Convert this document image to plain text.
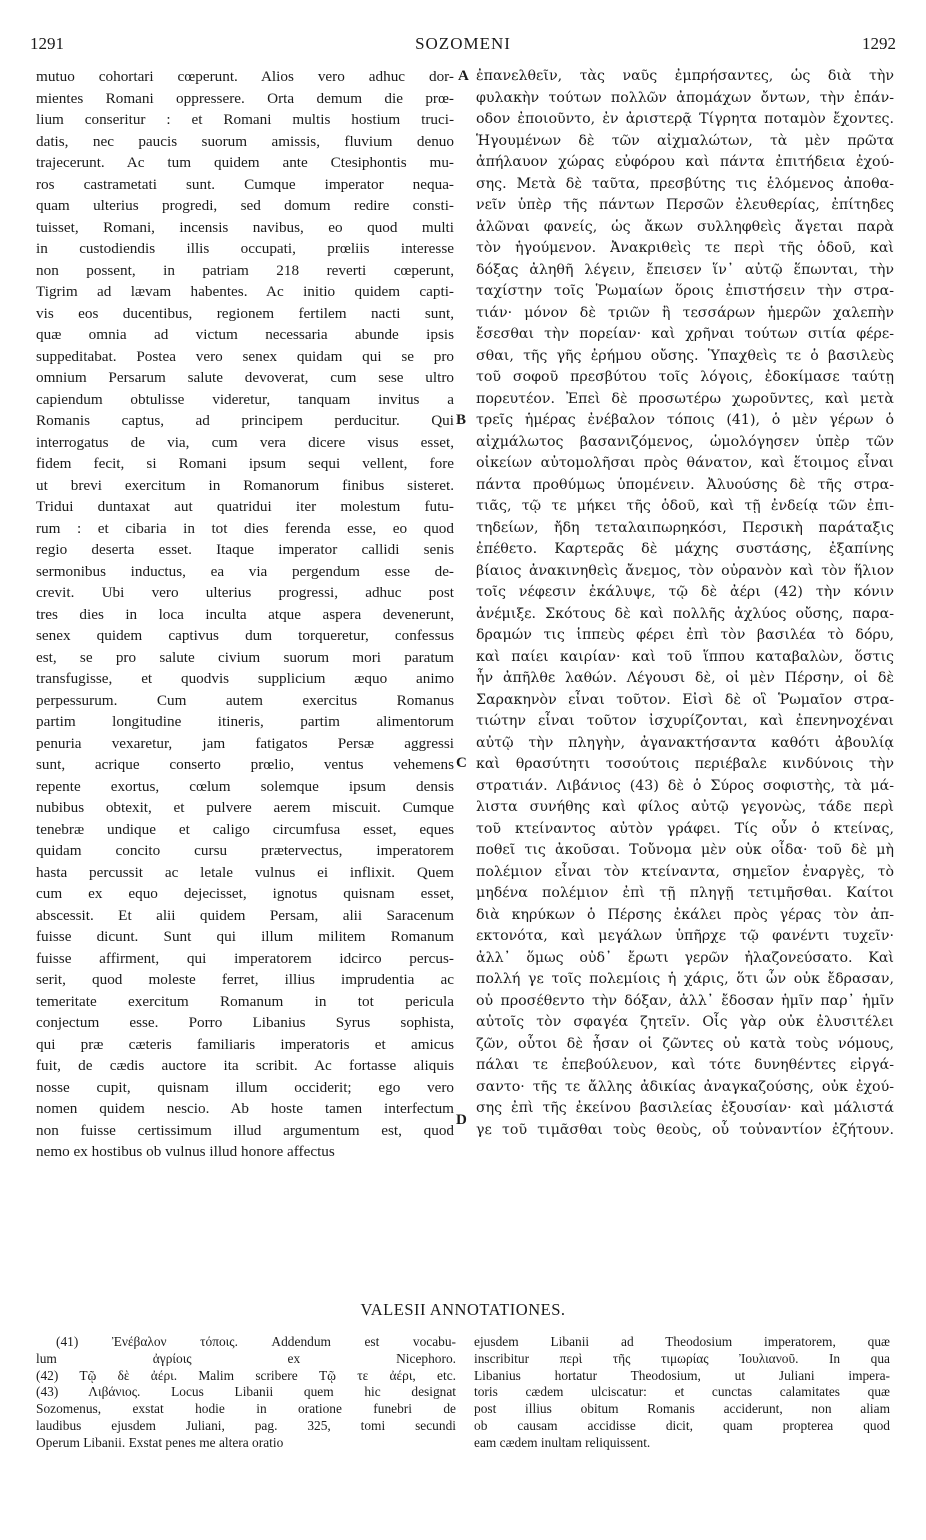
1291	SOZOMENI	1292
mutuo cohortari cœperunt. Alios vero adhuc dor-
mientes Romani oppressere. Orta demum die prœ-
lium conseritur : et Romani multis hostium truci-
datis, nec paucis suorum amissis, fluvium denuo
trajecerunt. Ac tum quidem ante Ctesiphontis mu-
ros castrametati sunt. Cumque imperator nequa-
quam ulterius progredi, sed domum redire consti-
tuisset, Romani, incensis navibus, eo quod multi
in custodiendis illis occupati, prœliis interesse
non possent, in patriam 218 reverti cœperunt,
Tigrim ad lævam habentes. Ac initio quidem capti-
vis eos ducentibus, regionem fertilem nacti sunt,
quæ omnia ad victum necessaria abunde ipsis
suppeditabat. Postea vero senex quidam qui se pro
omnium Persarum salute devoverat, cum sese ultro
capiendum obtulisse videretur, tanquam invitus a
Romanis captus, ad principem perducitur. Qui
interrogatus de via, cum vera dicere visus esset,
fidem fecit, si Romani ipsum sequi vellent, fore
ut brevi exercitum in Romanorum finibus sisteret.
Tridui duntaxat aut quatridui iter molestum futu-
rum : et cibaria in tot dies ferenda esse, eo quod
regio deserta esset. Itaque imperator callidi senis
sermonibus inductus, ea via pergendum esse de-
crevit. Ubi vero ulterius progressi, adhuc post
tres dies in loca inculta atque aspera devenerunt,
senex quidem captivus dum torqueretur, confessus
est, se pro salute civium suorum mori paratum
transfugisse, et quodvis supplicium æquo animo
perpessurum. Cum autem exercitus Romanus
partim longitudine itineris, partim alimentorum
penuria vexaretur, jam fatigatos Persæ aggressi
sunt, acrique conserto prœlio, ventus vehemens
repente exortus, cœlum solemque ipsum densis
nubibus obtexit, et pulvere aerem miscuit. Cumque
tenebræ undique et caligo circumfusa esset, eques
quidam concito cursu prætervectus, imperatorem
hasta percussit ac letale vulnus ei inflixit. Quem
cum ex equo dejecisset, ignotus quisnam esset,
abscessit. Et alii quidem Persam, alii Saracenum
fuisse dicunt. Sunt qui illum militem Romanum
fuisse affirment, qui imperatorem idcirco percus-
serit, quod moleste ferret, illius imprudentia ac
temeritate exercitum Romanum in tot pericula
conjectum esse. Porro Libanius Syrus sophista,
qui præ cæteris familiaris imperatoris et amicus
fuit, de cædis auctore ita scribit. Ac fortasse aliquis
nosse cupit, quisnam illum occiderit; ego vero
nomen quidem nescio. Ab hoste tamen interfectum
non fuisse certissimum illud argumentum est, quod
nemo ex hostibus ob vulnus illud honore affectus
ἐπανελθεῖν, τὰς ναῦς ἐμπρήσαντες, ὡς διὰ τὴν
φυλακὴν τούτων πολλῶν ἀπομάχων ὄντων, τὴν ἐπάν-
οδον ἐποιοῦντο, ἐν ἀριστερᾷ Τίγρητα ποταμὸν ἔχοντες.
Ἡγουμένων δὲ τῶν αἰχμαλώτων, τὰ μὲν πρῶτα
ἀπήλαυον χώρας εὐφόρου καὶ πάντα ἐπιτήδεια ἐχού-
σης. Μετὰ δὲ ταῦτα, πρεσβύτης τις ἑλόμενος ἀποθα-
νεῖν ὑπὲρ τῆς πάντων Περσῶν ἐλευθερίας, ἐπίτηδες
ἁλῶναι φανείς, ὡς ἄκων συλληφθεὶς ἄγεται παρὰ
τὸν ἡγούμενον. Ἀνακριθεὶς τε περὶ τῆς ὁδοῦ, καὶ
δόξας ἀληθῆ λέγειν, ἔπεισεν ἵν᾽ αὐτῷ ἕπωνται, τὴν
ταχίστην τοῖς Ῥωμαίων ὅροις ἐπιστήσειν τὴν στρα-
τιάν· μόνον δὲ τριῶν ἢ τεσσάρων ἡμερῶν χαλεπὴν
ἔσεσθαι τὴν πορείαν· καὶ χρῆναι τούτων σιτία φέρε-
σθαι, τῆς γῆς ἐρήμου οὔσης. Ὑπαχθεὶς τε ὁ βασιλεὺς
τοῦ σοφοῦ πρεσβύτου τοῖς λόγοις, ἐδοκίμασε ταύτῃ
πορευτέον. Ἐπεὶ δὲ προσωτέρω χωροῦντες, καὶ μετὰ
τρεῖς ἡμέρας ἐνέβαλον τόποις (41), ὁ μὲν γέρων ὁ
αἰχμάλωτος βασανιζόμενος, ὡμολόγησεν ὑπὲρ τῶν
οἰκείων αὐτομολῆσαι πρὸς θάνατον, καὶ ἕτοιμος εἶναι
πάντα προθύμως ὑπομένειν. Ἀλυούσης δὲ τῆς στρα-
τιᾶς, τῷ τε μήκει τῆς ὁδοῦ, καὶ τῇ ἐνδείᾳ τῶν ἐπι-
τηδείων, ἤδη τεταλαιπωρηκόσι, Περσικὴ παράταξις
ἐπέθετο. Καρτερᾶς δὲ μάχης συστάσης, ἐξαπίνης
βίαιος ἀνακινηθεὶς ἄνεμος, τὸν οὐρανὸν καὶ τὸν ἥλιον
τοῖς νέφεσιν ἐκάλυψε, τῷ δὲ ἀέρι (42) τὴν κόνιν
ἀνέμιξε. Σκότους δὲ καὶ πολλῆς ἀχλύος οὔσης, παρα-
δραμών τις ἱππεὺς φέρει ἐπὶ τὸν βασιλέα τὸ δόρυ,
καὶ παίει καιρίαν· καὶ τοῦ ἵππου καταβαλὼν, ὅστις
ἦν ἀπῆλθε λαθών. Λέγουσι δὲ, οἱ μὲν Πέρσην, οἱ δὲ
Σαρακηνὸν εἶναι τοῦτον. Εἰσὶ δὲ οἳ Ῥωμαῖον στρα-
τιώτην εἶναι τοῦτον ἰσχυρίζονται, καὶ ἐπενηνοχέναι
αὐτῷ τὴν πληγὴν, ἀγανακτήσαντα καθότι ἀβουλίᾳ
καὶ θρασύτητι τοσούτοις περιέβαλε κινδύνοις τὴν
στρατιάν. Λιβάνιος (43) δὲ ὁ Σύρος σοφιστὴς, τὰ μά-
λιστα συνήθης καὶ φίλος αὐτῷ γεγονὼς, τάδε περὶ
τοῦ κτείναντος αὐτὸν γράφει. Τίς οὖν ὁ κτείνας,
ποθεῖ τις ἀκοῦσαι. Τοὔνομα μὲν οὐκ οἶδα· τοῦ δὲ μὴ
πολέμιον εἶναι τὸν κτείναντα, σημεῖον ἐναργὲς, τὸ
μηδένα πολέμιον ἐπὶ τῇ πληγῇ τετιμῆσθαι. Καίτοι
διὰ κηρύκων ὁ Πέρσης ἐκάλει πρὸς γέρας τὸν ἀπ-
εκτονότα, καὶ μεγάλων ὑπῆρχε τῷ φανέντι τυχεῖν·
ἀλλ᾽ ὅμως οὐδ᾽ ἔρωτι γερῶν ἠλαζονεύσατο. Καὶ
πολλή γε τοῖς πολεμίοις ἡ χάρις, ὅτι ὧν οὐκ ἔδρασαν,
οὐ προσέθεντο τὴν δόξαν, ἀλλ᾽ ἔδοσαν ἡμῖν παρ᾽ ἡμῖν
αὐτοῖς τὸν σφαγέα ζητεῖν. Οἷς γὰρ οὐκ ἐλυσιτέλει
ζῶν, οὗτοι δὲ ἦσαν οἱ ζῶντες οὐ κατὰ τοὺς νόμους,
πάλαι τε ἐπεβούλευον, καὶ τότε δυνηθέντες εἰργά-
σαντο· τῆς τε ἄλλης ἀδικίας ἀναγκαζούσης, οὐκ ἐχού-
σης ἐπὶ τῆς ἐκείνου βασιλείας ἐξουσίαν· καὶ μάλιστά
γε τοῦ τιμᾶσθαι τοὺς θεοὺς, οὗ τοὐναντίον ἐζήτουν.
A
B
C
D
VALESII ANNOTATIONES.
(41) Ἐνέβαλον τόποις. Addendum est vocabu-
lum ἀγρίοις ex Nicephoro.
(42) Τῷ δὲ ἀέρι. Malim scribere Τῷ τε ἀέρι, etc.
(43) Λιβάνιος. Locus Libanii quem hic designat
Sozomenus, exstat hodie in oratione funebri de
laudibus ejusdem Juliani, pag. 325, tomi secundi
Operum Libanii. Exstat penes me altera oratio
ejusdem Libanii ad Theodosium imperatorem, quæ
inscribitur περὶ τῆς τιμωρίας Ἰουλιανοῦ. In qua
Libanius hortatur Theodosium, ut Juliani impera-
toris cædem ulciscatur: et cunctas calamitates quæ
post illius obitum Romanis acciderunt, non aliam
ob causam accidisse dicit, quam propterea quod
eam cædem inultam reliquissent.
